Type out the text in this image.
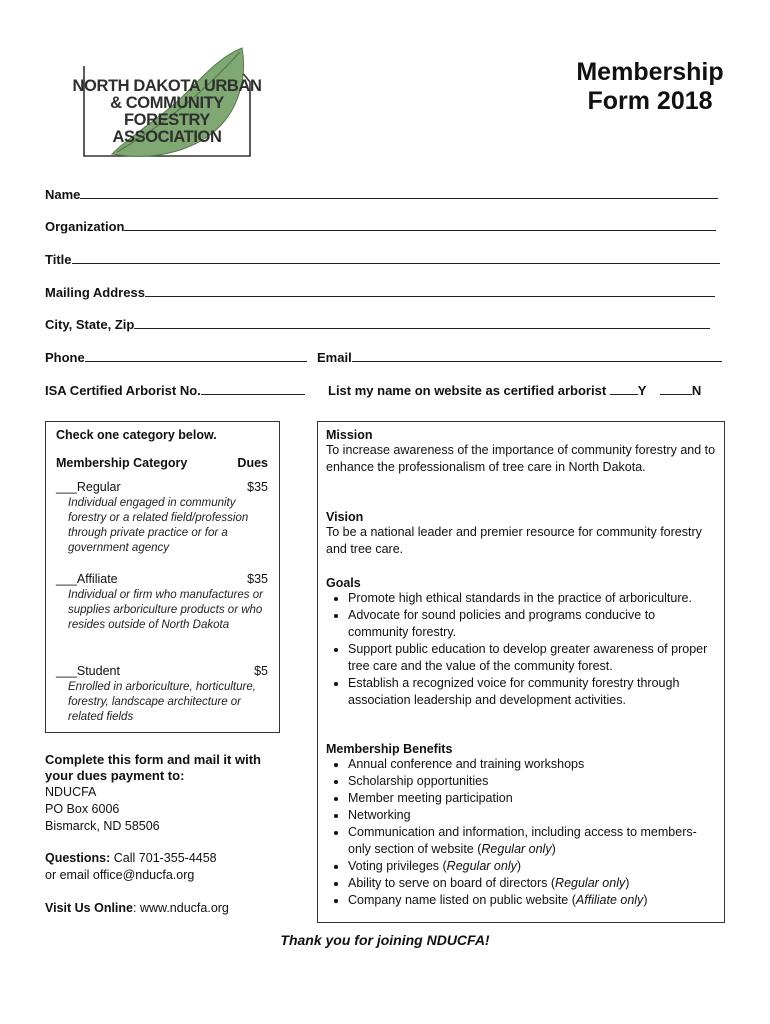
NORTH DAKOTA URBAN
& COMMUNITY
FORESTRY ASSOCIATION
Membership
Form 2018
Name
Organization
Title
Mailing Address
City, State, Zip
Phone	Email
ISA Certified Arborist No.	List my name on website as certified arborist Y	N
Check one category below.
Membership Category	Dues
___Regular	$35
Individual engaged in community forestry or a related field/profession through private practice or for a government agency
___Affiliate	$35
Individual or firm who manufactures or supplies arboriculture products or who resides outside of North Dakota
___Student	$5
Enrolled in arboriculture, horticulture, forestry, landscape architecture or related fields
Complete this form and mail it with your dues payment to:
NDUCFA
PO Box 6006
Bismarck, ND 58506
Questions: Call 701-355-4458
or email office@nducfa.org
Visit Us Online: www.nducfa.org
Mission
To increase awareness of the importance of community forestry and to enhance the professionalism of tree care in North Dakota.
Vision
To be a national leader and premier resource for community forestry and tree care.
Goals
• Promote high ethical standards in the practice of arboriculture.
• Advocate for sound policies and programs conducive to community forestry.
• Support public education to develop greater awareness of proper tree care and the value of the community forest.
• Establish a recognized voice for community forestry through association leadership and development activities.
Membership Benefits
• Annual conference and training workshops
• Scholarship opportunities
• Member meeting participation
• Networking
• Communication and information, including access to members-only section of website (Regular only)
• Voting privileges (Regular only)
• Ability to serve on board of directors (Regular only)
• Company name listed on public website (Affiliate only)
Thank you for joining NDUCFA!
